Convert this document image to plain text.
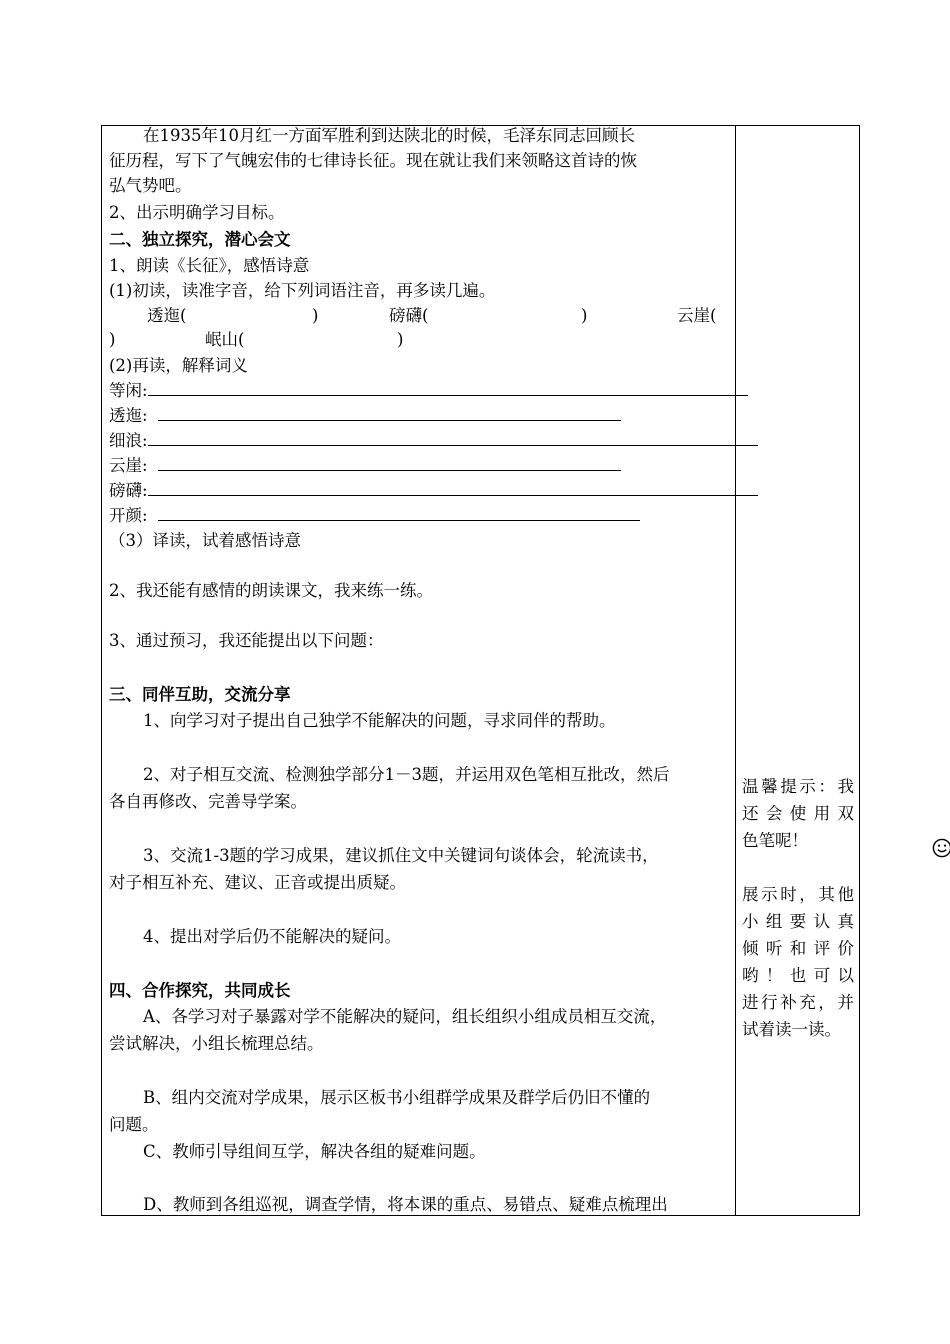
在1935年10月红一方面军胜利到达陕北的时候，毛泽东同志回顾长
征历程，写下了气魄宏伟的七律诗长征。现在就让我们来领略这首诗的恢
弘气势吧。
2、出示明确学习目标。
二、独立探究，潜心会文
1、朗读《长征》，感悟诗意
(1)初读，读准字音，给下列词语注音，再多读几遍。
透迤(	)	磅礴(	)	云崖(
)	岷山(	)
(2)再读，解释词义
等闲:
透迤:
细浪:
云崖:
磅礴:
开颜:
（3）译读，试着感悟诗意
2、我还能有感情的朗读课文，我来练一练。
3、通过预习，我还能提出以下问题：
三、同伴互助，交流分享
1、向学习对子提出自己独学不能解决的问题，寻求同伴的帮助。
2、对子相互交流、检测独学部分1－3题，并运用双色笔相互批改，然后
各自再修改、完善导学案。
3、交流1-3题的学习成果，建议抓住文中关键词句谈体会，轮流读书，
对子相互补充、建议、正音或提出质疑。
4、提出对学后仍不能解决的疑问。
四、合作探究，共同成长
A、各学习对子暴露对学不能解决的疑问，组长组织小组成员相互交流，
尝试解决，小组长梳理总结。
B、组内交流对学成果，展示区板书小组群学成果及群学后仍旧不懂的
问题。
C、教师引导组间互学，解决各组的疑难问题。
D、教师到各组巡视，调查学情，将本课的重点、易错点、疑难点梳理出
温馨提示：我
还会使用双
色笔呢！
展示时，其他
小组要认真
倾听和评价
哟！也可以
进行补充，并
试着读一读。
